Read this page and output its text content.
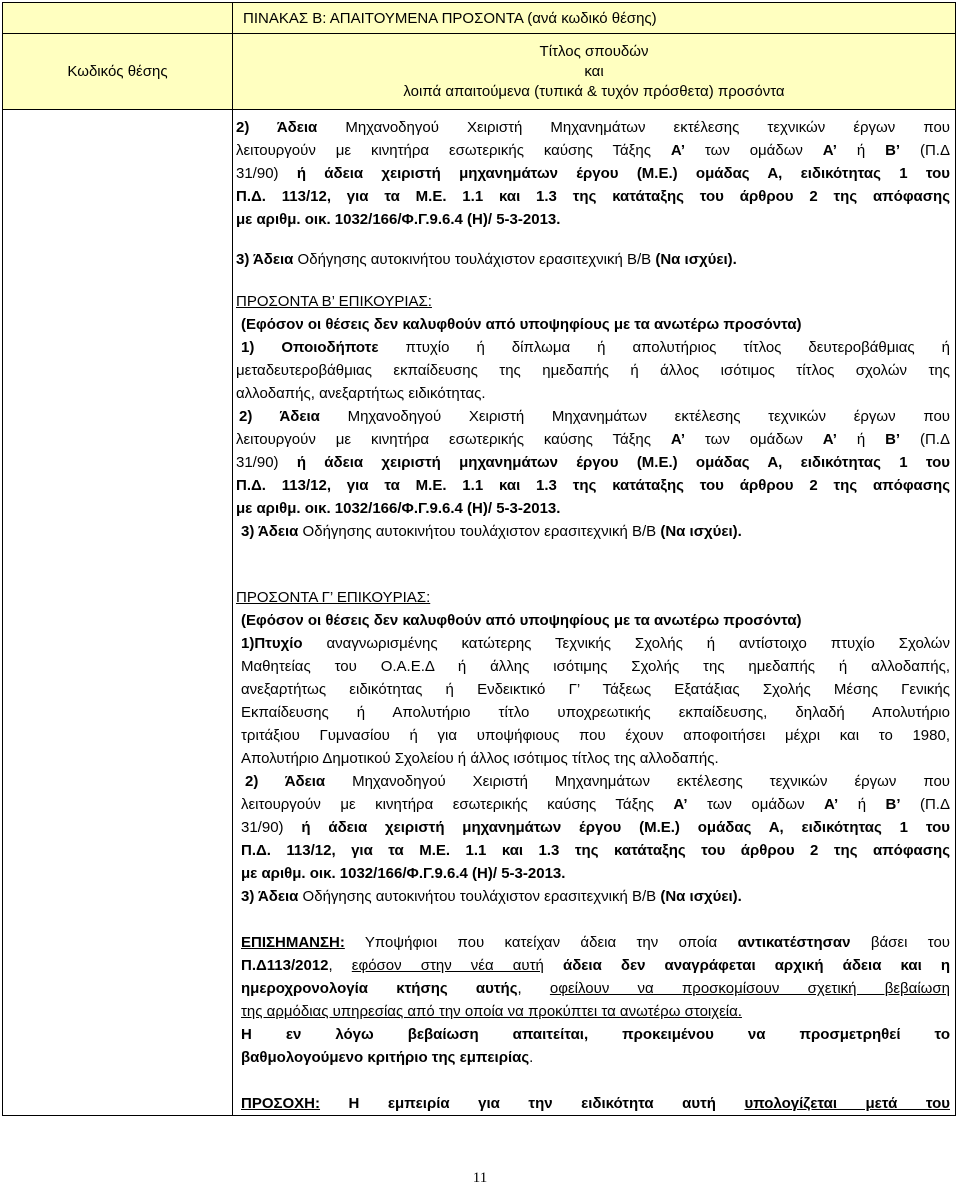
ΠΙΝΑΚΑΣ Β: ΑΠΑΙΤΟΥΜΕΝΑ ΠΡΟΣΟΝΤΑ (ανά κωδικό θέσης)
Κωδικός θέσης
Τίτλος σπουδών
και
λοιπά απαιτούμενα (τυπικά & τυχόν πρόσθετα) προσόντα
2) Άδεια Μηχανοδηγού Χειριστή Μηχανημάτων εκτέλεσης τεχνικών έργων που
λειτουργούν με κινητήρα εσωτερικής καύσης Τάξης Α’ των ομάδων Α’ ή Β’ (Π.Δ
31/90) ή άδεια χειριστή μηχανημάτων έργου (Μ.Ε.) ομάδας Α, ειδικότητας 1 του
Π.Δ. 113/12, για τα Μ.Ε. 1.1 και 1.3 της κατάταξης του άρθρου 2 της απόφασης
με αριθμ. οικ. 1032/166/Φ.Γ.9.6.4 (Η)/ 5-3-2013.
3) Άδεια Οδήγησης αυτοκινήτου τουλάχιστον ερασιτεχνική Β/Β (Να ισχύει).
ΠΡΟΣΟΝΤΑ Β’ ΕΠΙΚΟΥΡΙΑΣ:
(Εφόσον οι θέσεις δεν καλυφθούν από υποψηφίους με τα ανωτέρω προσόντα)
1) Οποιοδήποτε πτυχίο ή δίπλωμα ή απολυτήριος τίτλος δευτεροβάθμιας ή
μεταδευτεροβάθμιας εκπαίδευσης της ημεδαπής ή άλλος ισότιμος τίτλος σχολών της
αλλοδαπής, ανεξαρτήτως ειδικότητας.
2) Άδεια Μηχανοδηγού Χειριστή Μηχανημάτων εκτέλεσης τεχνικών έργων που
λειτουργούν με κινητήρα εσωτερικής καύσης Τάξης Α’ των ομάδων Α’ ή Β’ (Π.Δ
31/90) ή άδεια χειριστή μηχανημάτων έργου (Μ.Ε.) ομάδας Α, ειδικότητας 1 του
Π.Δ. 113/12, για τα Μ.Ε. 1.1 και 1.3 της κατάταξης του άρθρου 2 της απόφασης
με αριθμ. οικ. 1032/166/Φ.Γ.9.6.4 (Η)/ 5-3-2013.
3) Άδεια Οδήγησης αυτοκινήτου τουλάχιστον ερασιτεχνική Β/Β (Να ισχύει).
ΠΡΟΣΟΝΤΑ Γ’ ΕΠΙΚΟΥΡΙΑΣ:
(Εφόσον οι θέσεις δεν καλυφθούν από υποψηφίους με τα ανωτέρω προσόντα)
1)Πτυχίο αναγνωρισμένης κατώτερης Τεχνικής Σχολής ή αντίστοιχο πτυχίο Σχολών
Μαθητείας του Ο.Α.Ε.Δ ή άλλης ισότιμης Σχολής της ημεδαπής ή αλλοδαπής,
ανεξαρτήτως ειδικότητας ή Ενδεικτικό Γ’ Τάξεως Εξατάξιας Σχολής Μέσης Γενικής
Εκπαίδευσης ή Απολυτήριο τίτλο υποχρεωτικής εκπαίδευσης, δηλαδή Απολυτήριο
τριτάξιου Γυμνασίου ή για υποψήφιους που έχουν αποφοιτήσει μέχρι και το 1980,
Απολυτήριο Δημοτικού Σχολείου ή άλλος ισότιμος τίτλος της αλλοδαπής.
2) Άδεια Μηχανοδηγού Χειριστή Μηχανημάτων εκτέλεσης τεχνικών έργων που
λειτουργούν με κινητήρα εσωτερικής καύσης Τάξης Α’ των ομάδων Α’ ή Β’ (Π.Δ
31/90) ή άδεια χειριστή μηχανημάτων έργου (Μ.Ε.) ομάδας Α, ειδικότητας 1 του
Π.Δ. 113/12, για τα Μ.Ε. 1.1 και 1.3 της κατάταξης του άρθρου 2 της απόφασης
με αριθμ. οικ. 1032/166/Φ.Γ.9.6.4 (Η)/ 5-3-2013.
3) Άδεια Οδήγησης αυτοκινήτου τουλάχιστον ερασιτεχνική Β/Β (Να ισχύει).
ΕΠΙΣΗΜΑΝΣΗ: Υποψήφιοι που κατείχαν άδεια την οποία αντικατέστησαν βάσει του
Π.Δ113/2012, εφόσον στην νέα αυτή άδεια δεν αναγράφεται αρχική άδεια και η
ημεροχρονολογία κτήσης αυτής, οφείλουν να προσκομίσουν σχετική βεβαίωση
της αρμόδιας υπηρεσίας από την οποία να προκύπτει τα ανωτέρω στοιχεία.
Η εν λόγω βεβαίωση απαιτείται, προκειμένου να προσμετρηθεί το
βαθμολογούμενο κριτήριο της εμπειρίας.
ΠΡΟΣΟΧΗ: Η εμπειρία για την ειδικότητα αυτή υπολογίζεται μετά του
11
